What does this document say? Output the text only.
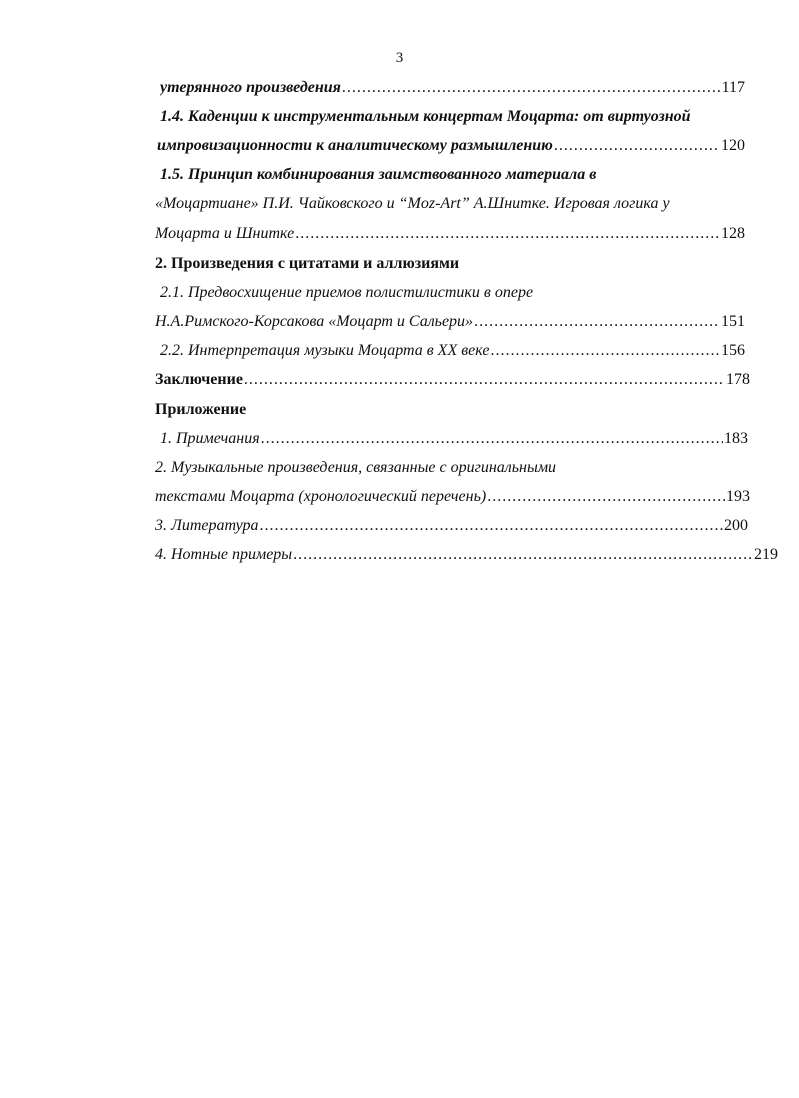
3
утерянного произведения .....	117
1.4. Каденции к инструментальным концертам Моцарта: от виртуозной
импровизационности к аналитическому размышлению .....	120
1.5. Принцип комбинирования заимствованного материала в
«Моцартиане» П.И. Чайковского и “Moz-Art” А.Шнитке. Игровая логика у
Моцарта и Шнитке .....	128
2. Произведения с цитатами и аллюзиями
2.1. Предвосхищение приемов полистилистики в опере
Н.А.Римского-Корсакова «Моцарт и Сальери» .....	151
2.2. Интерпретация музыки Моцарта в XX веке .....	156
Заключение .....	178
Приложение
1. Примечания .....	183
2. Музыкальные произведения, связанные с оригинальными
текстами Моцарта (хронологический перечень) .....	193
3. Литература .....	200
4. Нотные примеры .....	219
